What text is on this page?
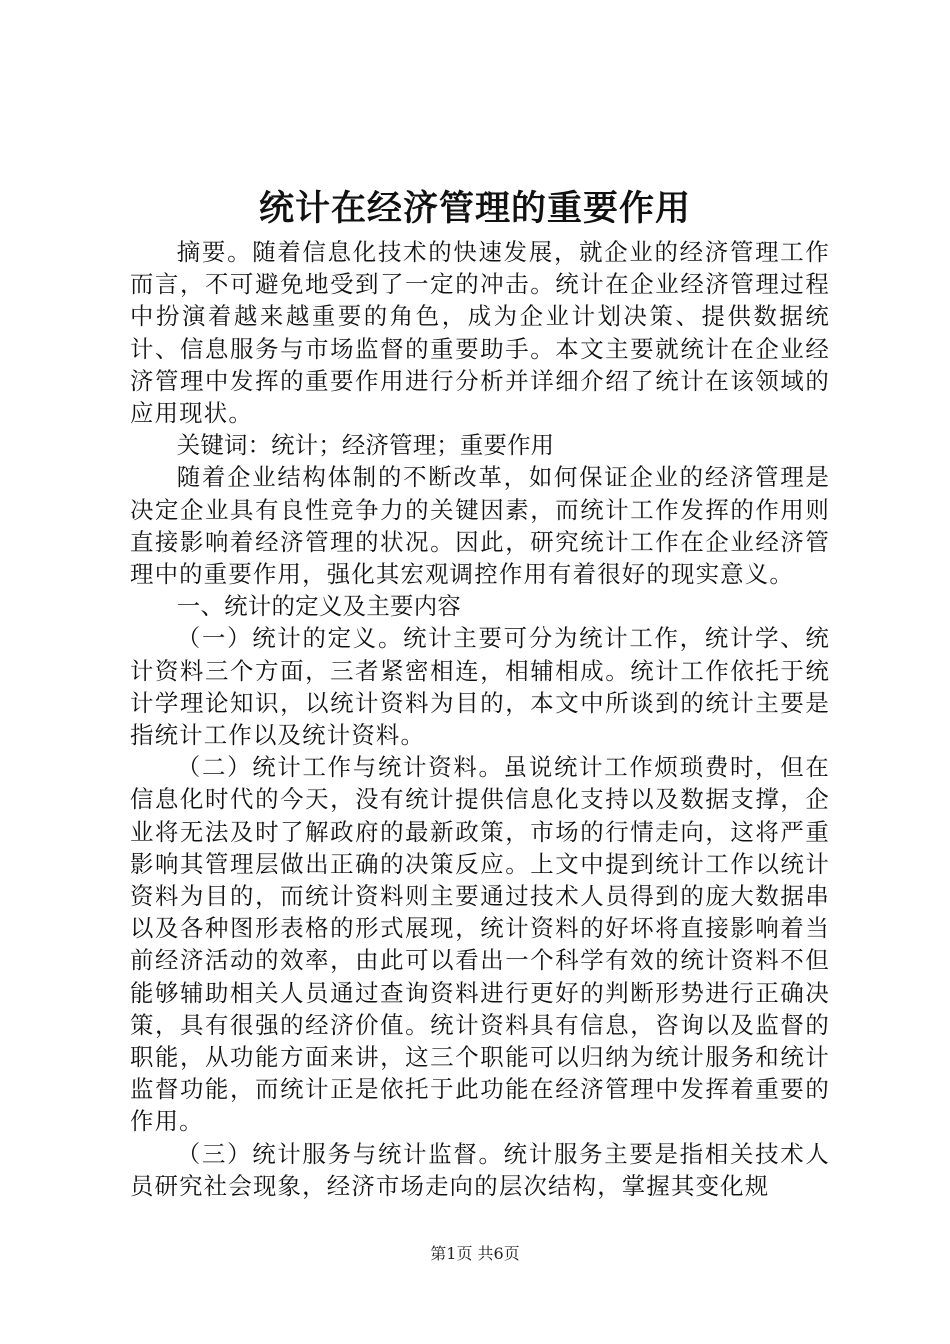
统计在经济管理的重要作用

摘要。随着信息化技术的快速发展，就企业的经济管理工作而言，不可避免地受到了一定的冲击。统计在企业经济管理过程中扮演着越来越重要的角色，成为企业计划决策、提供数据统计、信息服务与市场监督的重要助手。本文主要就统计在企业经济管理中发挥的重要作用进行分析并详细介绍了统计在该领域的应用现状。

关键词：统计；经济管理；重要作用

随着企业结构体制的不断改革，如何保证企业的经济管理是决定企业具有良性竞争力的关键因素，而统计工作发挥的作用则直接影响着经济管理的状况。因此，研究统计工作在企业经济管理中的重要作用，强化其宏观调控作用有着很好的现实意义。

一、统计的定义及主要内容

（一）统计的定义。统计主要可分为统计工作，统计学、统计资料三个方面，三者紧密相连，相辅相成。统计工作依托于统计学理论知识，以统计资料为目的，本文中所谈到的统计主要是指统计工作以及统计资料。

（二）统计工作与统计资料。虽说统计工作烦琐费时，但在信息化时代的今天，没有统计提供信息化支持以及数据支撑，企业将无法及时了解政府的最新政策，市场的行情走向，这将严重影响其管理层做出正确的决策反应。上文中提到统计工作以统计资料为目的，而统计资料则主要通过技术人员得到的庞大数据串以及各种图形表格的形式展现，统计资料的好坏将直接影响着当前经济活动的效率，由此可以看出一个科学有效的统计资料不但能够辅助相关人员通过查询资料进行更好的判断形势进行正确决策，具有很强的经济价值。统计资料具有信息，咨询以及监督的职能，从功能方面来讲，这三个职能可以归纳为统计服务和统计监督功能，而统计正是依托于此功能在经济管理中发挥着重要的作用。

（三）统计服务与统计监督。统计服务主要是指相关技术人员研究社会现象，经济市场走向的层次结构，掌握其变化规

第1页 共6页
